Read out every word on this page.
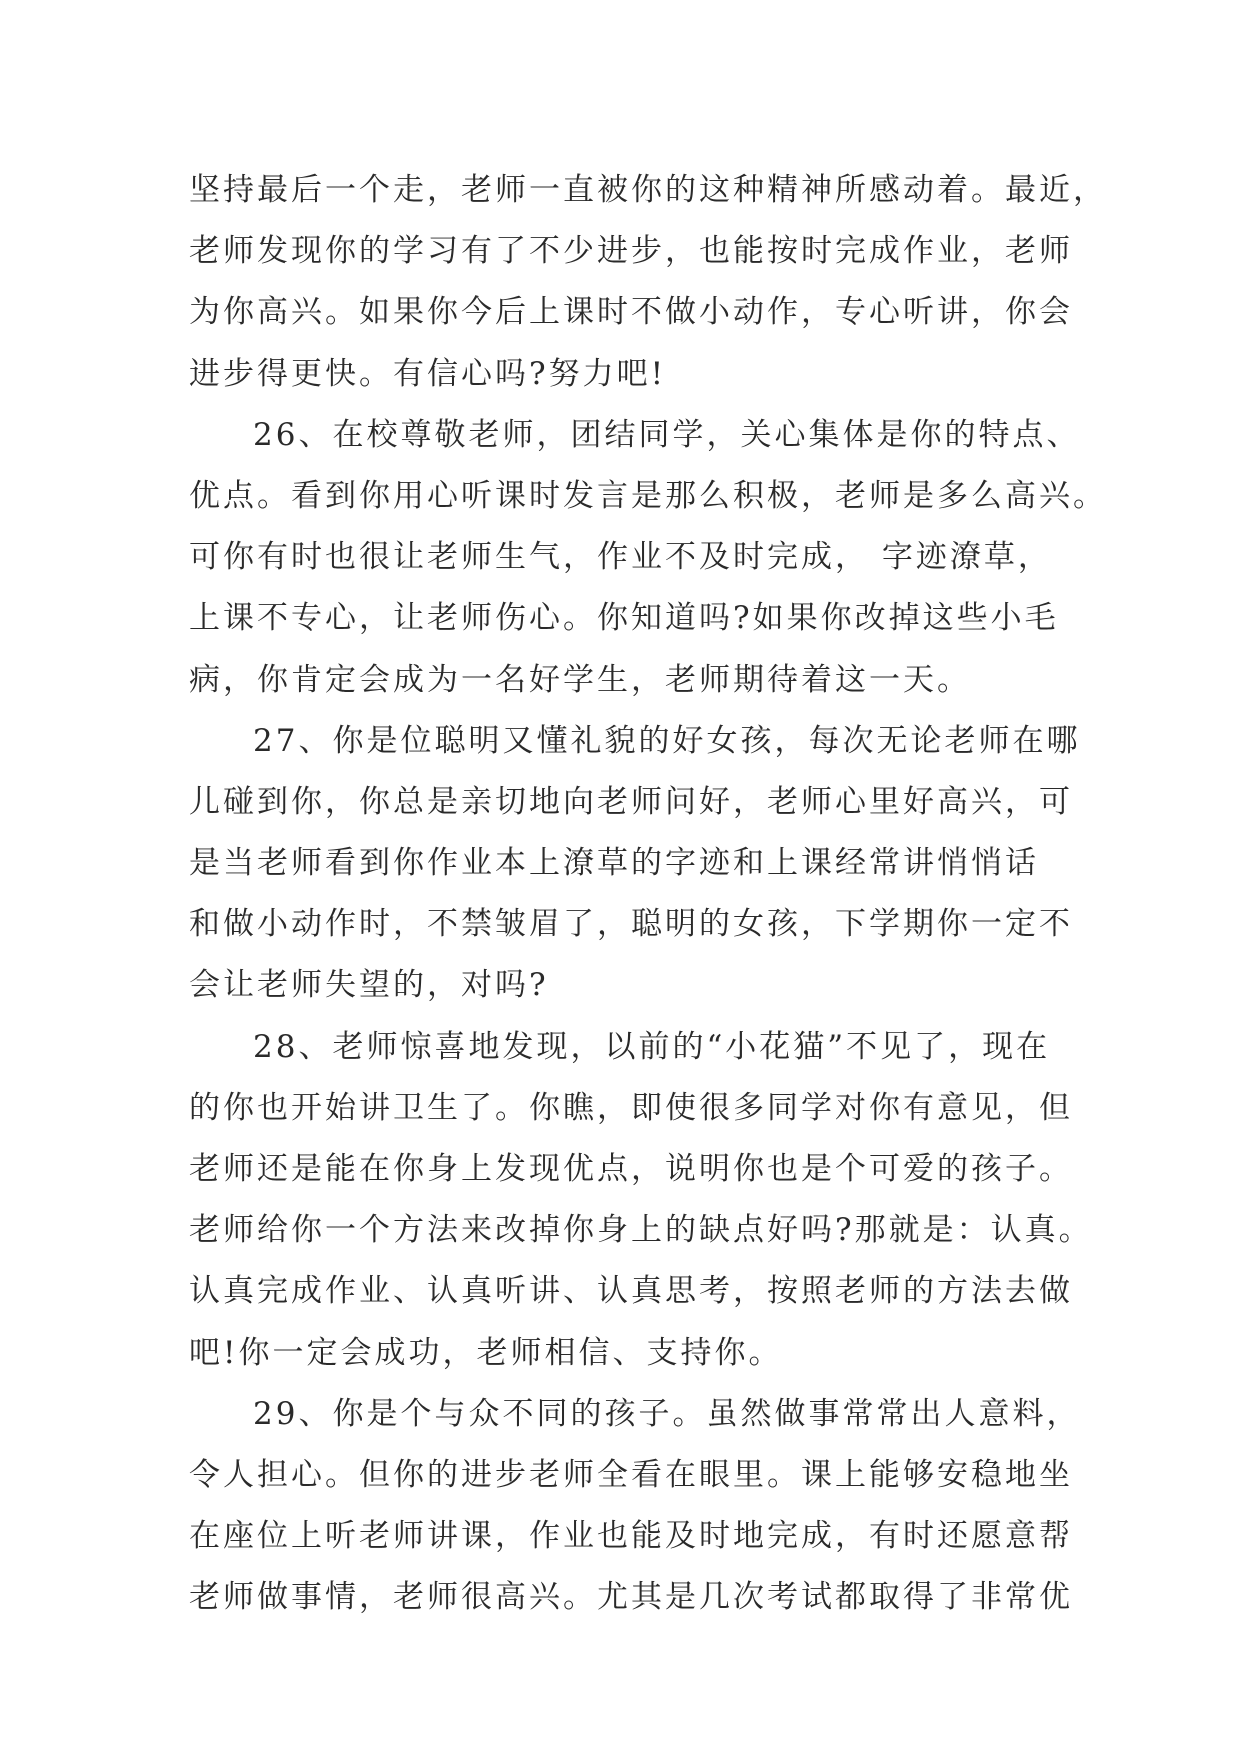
坚持最后一个走，老师一直被你的这种精神所感动着。最近，
老师发现你的学习有了不少进步，也能按时完成作业，老师
为你高兴。如果你今后上课时不做小动作，专心听讲，你会
进步得更快。有信心吗?努力吧!
26、在校尊敬老师，团结同学，关心集体是你的特点、
优点。看到你用心听课时发言是那么积极，老师是多么高兴。
可你有时也很让老师生气，作业不及时完成， 字迹潦草，
上课不专心，让老师伤心。你知道吗?如果你改掉这些小毛
病，你肯定会成为一名好学生，老师期待着这一天。
27、你是位聪明又懂礼貌的好女孩，每次无论老师在哪
儿碰到你，你总是亲切地向老师问好，老师心里好高兴，可
是当老师看到你作业本上潦草的字迹和上课经常讲悄悄话
和做小动作时，不禁皱眉了，聪明的女孩，下学期你一定不
会让老师失望的，对吗?
28、老师惊喜地发现，以前的“小花猫”不见了，现在
的你也开始讲卫生了。你瞧，即使很多同学对你有意见，但
老师还是能在你身上发现优点，说明你也是个可爱的孩子。
老师给你一个方法来改掉你身上的缺点好吗?那就是：认真。
认真完成作业、认真听讲、认真思考，按照老师的方法去做
吧!你一定会成功，老师相信、支持你。
29、你是个与众不同的孩子。虽然做事常常出人意料，
令人担心。但你的进步老师全看在眼里。课上能够安稳地坐
在座位上听老师讲课，作业也能及时地完成，有时还愿意帮
老师做事情，老师很高兴。尤其是几次考试都取得了非常优
